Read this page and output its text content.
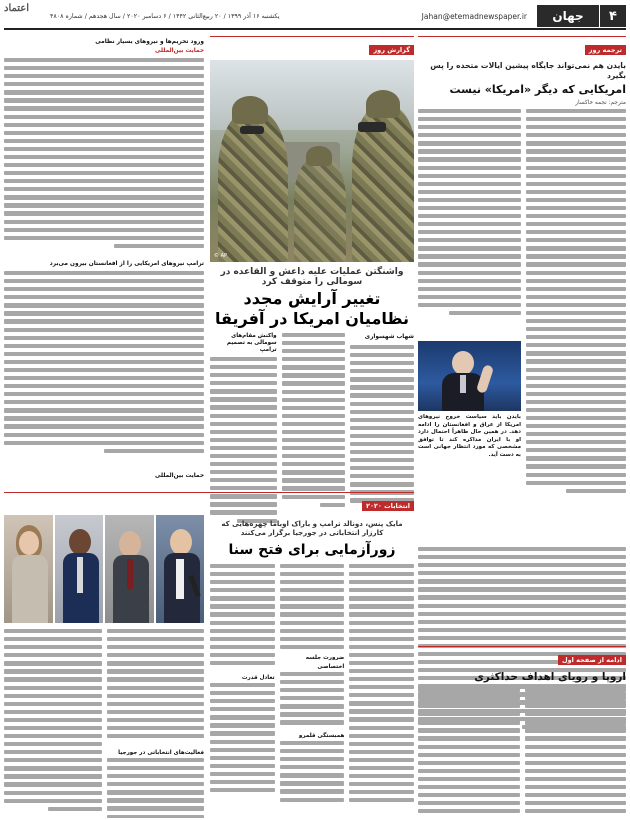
۴
جهان
Jahan@etemadnewspaper.ir
یکشنبه ۱۶ آذر ۱۳۹۹ / ۲۰ ربیع‌الثانی ۱۴۴۲ / ۶ دسامبر ۲۰۲۰ / سال هجدهم / شماره ۴۸۰۸
اعتماد
ترجمه روز
بایدن هم نمی‌تواند جایگاه پیشین ایالات متحده را پس بگیرد
امریکایی که دیگر «امریکا» نیست
مترجم: نجمه خاکسار
بایدن باید سیاست خروج نیروهای امریکا از عراق و افغانستان را ادامه دهد. در همین حال ظاهراً احتمال دارد او با ایران مذاکره کند تا توافق مشخصی که مورد انتظار جهانی است به دست آید.
ادامه از صفحه اول
اروپا و رویای اهداف حداکثری
گزارش روز
© AP
واشنگتن عملیات علیه داعش و القاعده در سومالی را متوقف کرد
تغییر آرایش مجدد نظامیان امریکا در آفریقا
شهاب شهسواری
واکنش مقام‌های سومالی به تصمیم ترامپ
ورود تحریم‌ها و نیروهای بسیار نظامی
حمایت بین‌المللی
ترامپ نیروهای امریکایی را از افغانستان بیرون می‌برد
انتخابات ۲۰۲۰
مایک پنس، دونالد ترامپ و باراک اوباما چهره‌هایی که کارزار انتخاباتی در جورجیا برگزار می‌کنند
زورآزمایی برای فتح سنا
ضرورت جلسه اختصاصی
همبستگی قلمرو
تعادل قدرت
فعالیت‌های انتخاباتی در جورجیا
حمایت بین‌المللی
